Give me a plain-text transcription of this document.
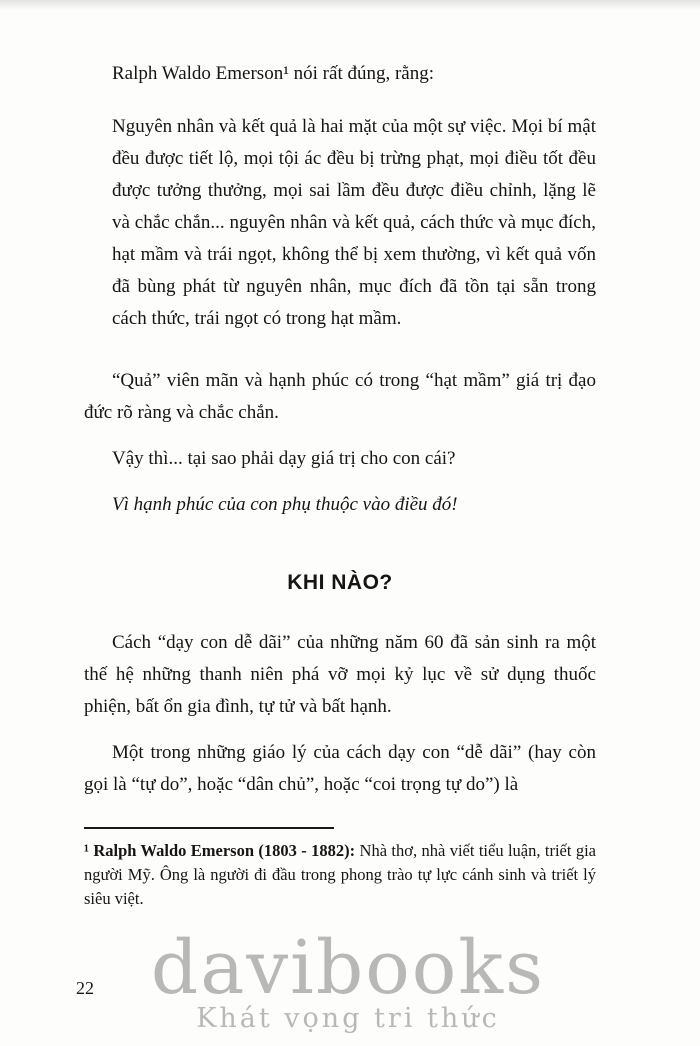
Ralph Waldo Emerson¹ nói rất đúng, rằng:

Nguyên nhân và kết quả là hai mặt của một sự việc. Mọi bí mật đều được tiết lộ, mọi tội ác đều bị trừng phạt, mọi điều tốt đều được tưởng thưởng, mọi sai lầm đều được điều chỉnh, lặng lẽ và chắc chắn... nguyên nhân và kết quả, cách thức và mục đích, hạt mầm và trái ngọt, không thể bị xem thường, vì kết quả vốn đã bùng phát từ nguyên nhân, mục đích đã tồn tại sẵn trong cách thức, trái ngọt có trong hạt mầm.

“Quả” viên mãn và hạnh phúc có trong “hạt mầm” giá trị đạo đức rõ ràng và chắc chắn.

Vậy thì... tại sao phải dạy giá trị cho con cái?

Vì hạnh phúc của con phụ thuộc vào điều đó!

KHI NÀO?

Cách “dạy con dễ dãi” của những năm 60 đã sản sinh ra một thế hệ những thanh niên phá vỡ mọi kỷ lục về sử dụng thuốc phiện, bất ổn gia đình, tự tử và bất hạnh.

Một trong những giáo lý của cách dạy con “dễ dãi” (hay còn gọi là “tự do”, hoặc “dân chủ”, hoặc “coi trọng tự do”) là

¹ Ralph Waldo Emerson (1803 - 1882): Nhà thơ, nhà viết tiểu luận, triết gia người Mỹ. Ông là người đi đầu trong phong trào tự lực cánh sinh và triết lý siêu việt.

22 davibooks
Khát vọng tri thức
